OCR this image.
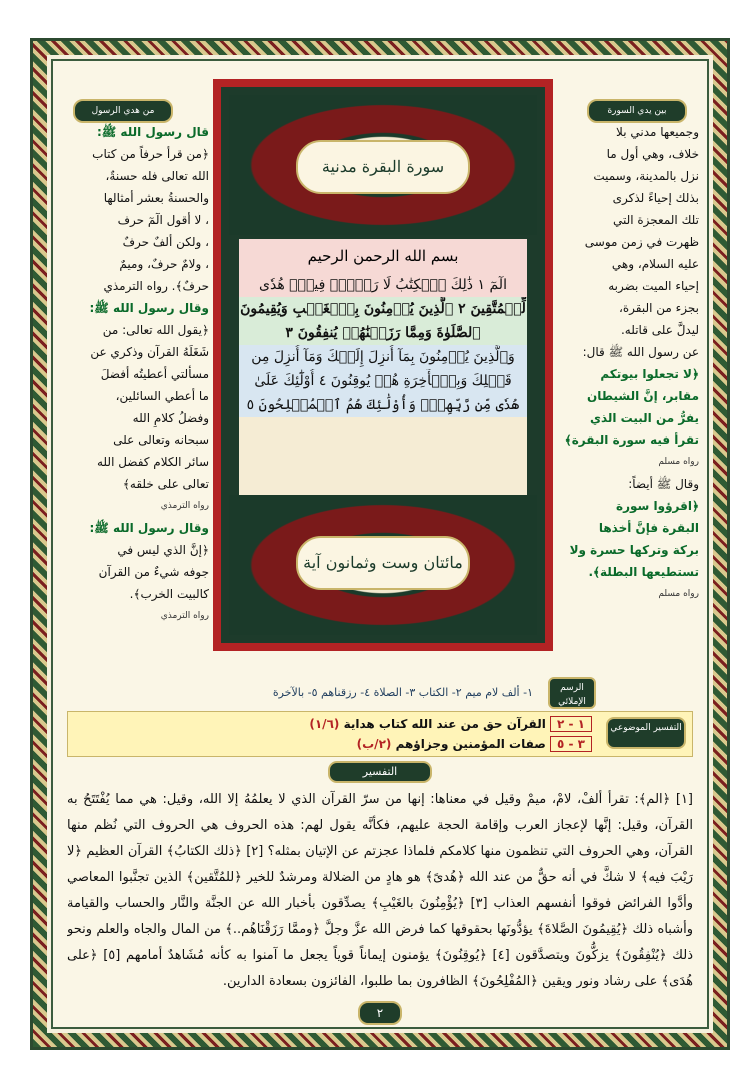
من هدي الرسول	بين يدي السورة
قال رسول الله ﷺ:
﴿من قرأ حرفاً من كتاب
الله تعالى فله حسنةٌ،
والحسنةُ بعشر أمثالها
، لا أقول الٓمٓ حرف
، ولكن ألفٌ حرفٌ
، ولامٌ حرفٌ، وميمٌ
حرفٌ﴾. رواه الترمذي
وقال رسول الله ﷺ:
﴿يقول الله تعالى: من
شَغَلَهُ القرآن وذكري عن
مسألتي أعطيتُه أفضلَ
ما أعطي السائلين،
وفضلُ كلامِ الله
سبحانه وتعالى على
سائر الكلام كفضل الله
تعالى على خلقه﴾
رواه الترمذي
وقال رسول الله ﷺ:
﴿إنَّ الذي ليس في
جوفه شيءٌ من القرآن
كالبيت الخرب﴾.
رواه الترمذي
وجميعها مدني بلا
خلاف، وهي أول ما
نزل بالمدينة، وسميت
بذلك إحياءً لذكرى
تلك المعجزة التي
ظهرت في زمن موسى
عليه السلام، وهي
إحياء الميت بضربه
بجزء من البقرة،
ليدلَّ على قاتله.
عن رسول الله ﷺ قال:
﴿لا تجعلوا بيوتكم
مقابر، إنَّ الشيطان
يفرُّ من البيت الذي
تقرأ فيه سورة البقرة﴾
رواه مسلم
وقال ﷺ أيضاً:
﴿اقرؤوا سورة
البقرة فإنَّ أخذها
بركة وتركها حسرة ولا
تستطيعها البطلة﴾.
رواه مسلم
سورة البقرة مدنية
بسم الله الرحمن الرحيم
الٓمٓ ١ ذَٰلِكَ ٱلۡكِتَٰبُ لَا رَيۡبَۛ فِيهِۛ هُدٗى
لِّلۡمُتَّقِينَ ٢ ٱلَّذِينَ يُؤۡمِنُونَ بِٱلۡغَيۡبِ وَيُقِيمُونَ
ٱلصَّلَوٰةَ وَمِمَّا رَزَقۡنَٰهُمۡ يُنفِقُونَ ٣
وَٱلَّذِينَ يُؤۡمِنُونَ بِمَآ أُنزِلَ إِلَيۡكَ وَمَآ أُنزِلَ مِن
قَبۡلِكَ وَبِٱلۡأٓخِرَةِ هُمۡ يُوقِنُونَ ٤ أُوْلَٰٓئِكَ عَلَىٰ
هُدٗى مِّن رَّبِّهِمۡۖ وَأُوْلَٰٓئِكَ هُمُ ٱلۡمُفۡلِحُونَ ٥
مائتان وست وثمانون آية
الرسم الإملائي
١- ألف لام ميم ٢- الكتاب ٣- الصلاة ٤- رزقناهم ٥- بالآخرة
التفسير الموضوعي
١ - ٢ القرآن حق من عند الله كتاب هداية (١/٦)
٣ - ٥ صفات المؤمنين وجزاؤهم (٢/ب)
التفسير
[١] ﴿الم﴾: تقرأ ألفْ، لامْ، ميمْ وقيل في معناها: إنها من سرّ القرآن الذي لا يعلمُهُ إلا الله، وقيل: هي مما يُفْتَتَحُ به القرآن، وقيل: إنَّها لإعجاز العرب وإقامة الحجة عليهم، فكأنَّه يقول لهم: هذه الحروف هي الحروف التي نُظم منها القرآن، وهي الحروف التي تنظمون منها كلامكم فلماذا عجزتم عن الإتيان بمثله؟ [٢] ﴿ذلك الكتابُ﴾ القرآن العظيم ﴿لا رَيْبَ فيه﴾ لا شكَّ في أنه حقٌّ من عند الله ﴿هُدىً﴾ هو هادٍ من الضلالة ومرشدٌ للخير ﴿للمُتَّقين﴾ الذين تجنَّبوا المعاصي وأدَّوا الفرائض فوقوا أنفسهم العذاب [٣] ﴿يُؤْمِنُونَ بالغَيْبِ﴾ يصدِّقون بأخبار الله عن الجنَّة والنَّار والحساب والقيامة وأشباه ذلك ﴿يُقِيمُونَ الصَّلاةَ﴾ يؤدُّونَها بحقوقها كما فرض الله عزَّ وجلَّ ﴿وممَّا رَزَقْنَاهُم..﴾ من المال والجاه والعلم ونحو ذلك ﴿يُنْفِقُونَ﴾ يزكُّونَ ويتصدَّقون [٤] ﴿يُوقِنُونَ﴾ يؤمنون إيماناً قوياً يجعل ما آمنوا به كأنه مُشَاهدٌ أمامهم [٥] ﴿على هُدَى﴾ على رشاد ونور ويقين ﴿المُفْلِحُونَ﴾ الظافرون بما طلبوا، الفائزون بسعادة الدارين.
٢
